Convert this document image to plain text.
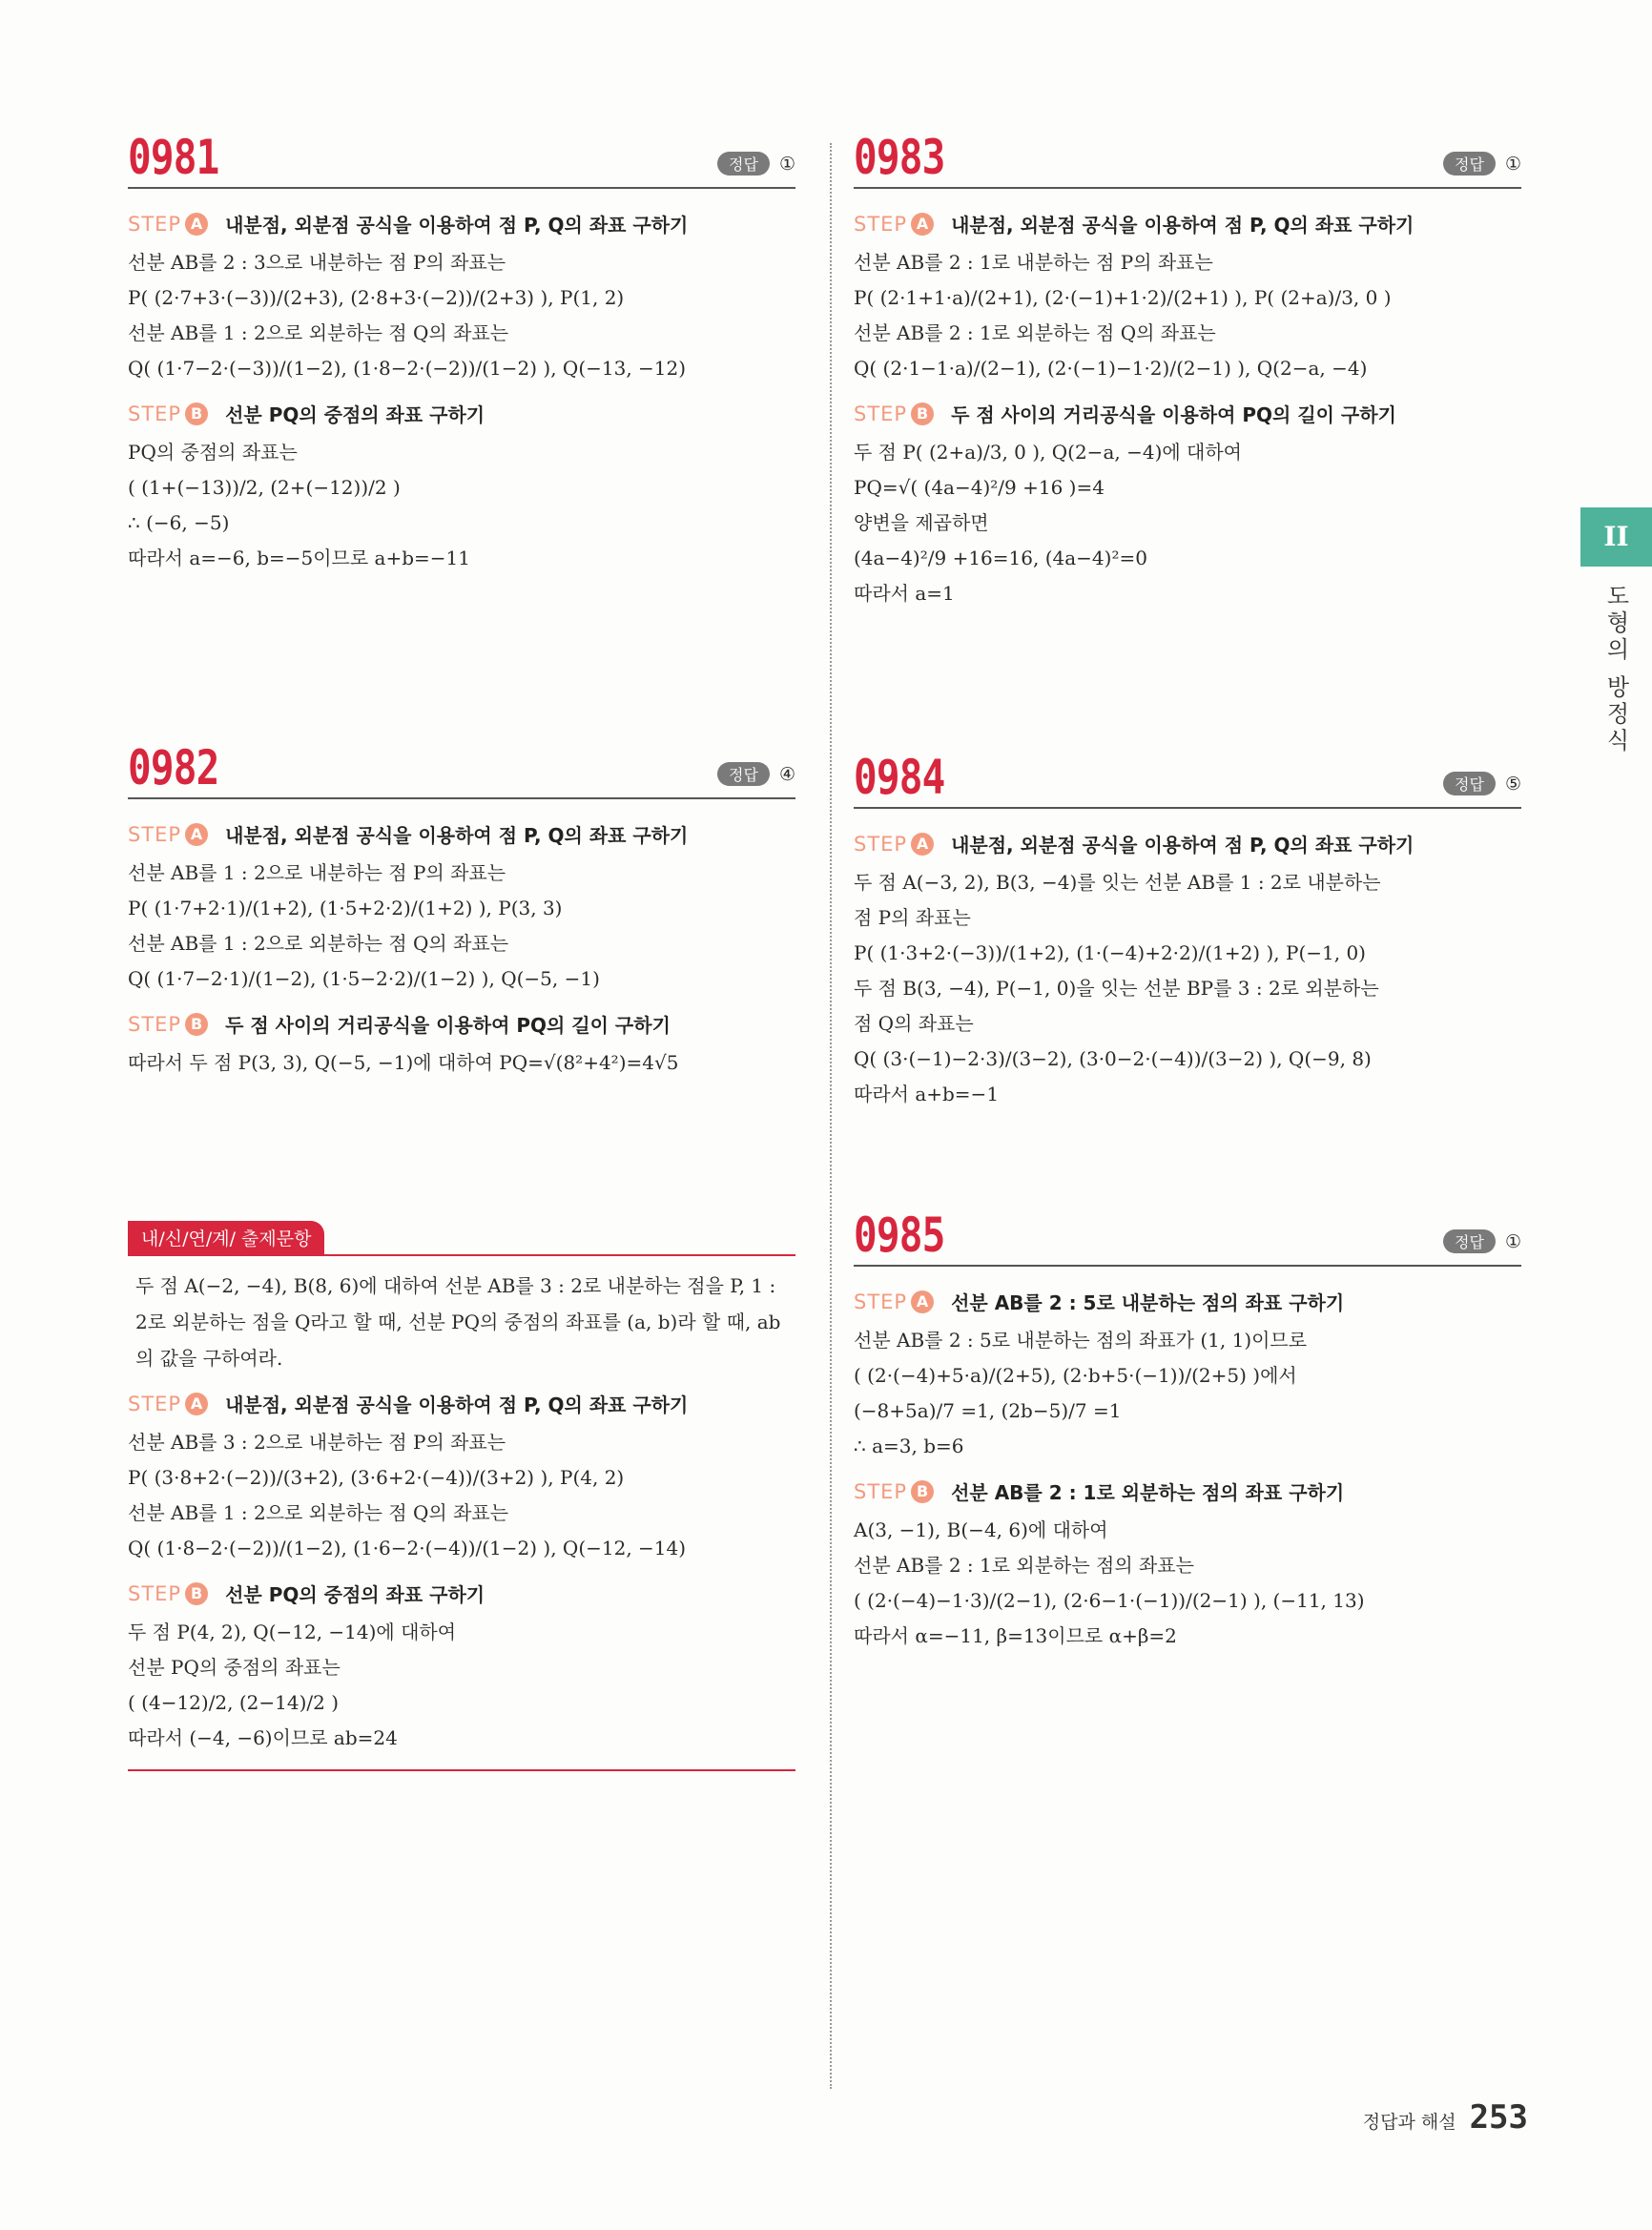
0981	정답	①
STEP A 내분점, 외분점 공식을 이용하여 점 P, Q의 좌표 구하기
선분 AB를 2 : 3으로 내분하는 점 P의 좌표는
P( (2·7+3·(−3))/(2+3), (2·8+3·(−2))/(2+3) ), P(1, 2)
선분 AB를 1 : 2으로 외분하는 점 Q의 좌표는
Q( (1·7−2·(−3))/(1−2), (1·8−2·(−2))/(1−2) ), Q(−13, −12)
STEP B 선분 PQ의 중점의 좌표 구하기
PQ의 중점의 좌표는
( (1+(−13))/2, (2+(−12))/2 )
∴ (−6, −5)
따라서 a=−6, b=−5이므로 a+b=−11
0982	정답	④
STEP A 내분점, 외분점 공식을 이용하여 점 P, Q의 좌표 구하기
선분 AB를 1 : 2으로 내분하는 점 P의 좌표는
P( (1·7+2·1)/(1+2), (1·5+2·2)/(1+2) ), P(3, 3)
선분 AB를 1 : 2으로 외분하는 점 Q의 좌표는
Q( (1·7−2·1)/(1−2), (1·5−2·2)/(1−2) ), Q(−5, −1)
STEP B 두 점 사이의 거리공식을 이용하여 PQ의 길이 구하기
따라서 두 점 P(3, 3), Q(−5, −1)에 대하여 PQ=√(8²+4²)=4√5
내/신/연/계/ 출제문항
두 점 A(−2, −4), B(8, 6)에 대하여 선분 AB를 3 : 2로 내분하는 점을 P, 1 : 2로 외분하는 점을 Q라고 할 때, 선분 PQ의 중점의 좌표를 (a, b)라 할 때, ab의 값을 구하여라.
STEP A 내분점, 외분점 공식을 이용하여 점 P, Q의 좌표 구하기
선분 AB를 3 : 2으로 내분하는 점 P의 좌표는
P( (3·8+2·(−2))/(3+2), (3·6+2·(−4))/(3+2) ), P(4, 2)
선분 AB를 1 : 2으로 외분하는 점 Q의 좌표는
Q( (1·8−2·(−2))/(1−2), (1·6−2·(−4))/(1−2) ), Q(−12, −14)
STEP B 선분 PQ의 중점의 좌표 구하기
두 점 P(4, 2), Q(−12, −14)에 대하여
선분 PQ의 중점의 좌표는
( (4−12)/2, (2−14)/2 )
따라서 (−4, −6)이므로 ab=24
0983	정답	①
STEP A 내분점, 외분점 공식을 이용하여 점 P, Q의 좌표 구하기
선분 AB를 2 : 1로 내분하는 점 P의 좌표는
P( (2·1+1·a)/(2+1), (2·(−1)+1·2)/(2+1) ), P( (2+a)/3, 0 )
선분 AB를 2 : 1로 외분하는 점 Q의 좌표는
Q( (2·1−1·a)/(2−1), (2·(−1)−1·2)/(2−1) ), Q(2−a, −4)
STEP B 두 점 사이의 거리공식을 이용하여 PQ의 길이 구하기
두 점 P( (2+a)/3, 0 ), Q(2−a, −4)에 대하여
PQ=√( (4a−4)²/9 +16 )=4
양변을 제곱하면
(4a−4)²/9 +16=16, (4a−4)²=0
따라서 a=1
0984	정답	⑤
STEP A 내분점, 외분점 공식을 이용하여 점 P, Q의 좌표 구하기
두 점 A(−3, 2), B(3, −4)를 잇는 선분 AB를 1 : 2로 내분하는
점 P의 좌표는
P( (1·3+2·(−3))/(1+2), (1·(−4)+2·2)/(1+2) ), P(−1, 0)
두 점 B(3, −4), P(−1, 0)을 잇는 선분 BP를 3 : 2로 외분하는
점 Q의 좌표는
Q( (3·(−1)−2·3)/(3−2), (3·0−2·(−4))/(3−2) ), Q(−9, 8)
따라서 a+b=−1
0985	정답	①
STEP A 선분 AB를 2 : 5로 내분하는 점의 좌표 구하기
선분 AB를 2 : 5로 내분하는 점의 좌표가 (1, 1)이므로
( (2·(−4)+5·a)/(2+5), (2·b+5·(−1))/(2+5) )에서
(−8+5a)/7 =1, (2b−5)/7 =1
∴ a=3, b=6
STEP B 선분 AB를 2 : 1로 외분하는 점의 좌표 구하기
A(3, −1), B(−4, 6)에 대하여
선분 AB를 2 : 1로 외분하는 점의 좌표는
( (2·(−4)−1·3)/(2−1), (2·6−1·(−1))/(2−1) ), (−11, 13)
따라서 α=−11, β=13이므로 α+β=2
II
도형의 방정식
정답과 해설 253
